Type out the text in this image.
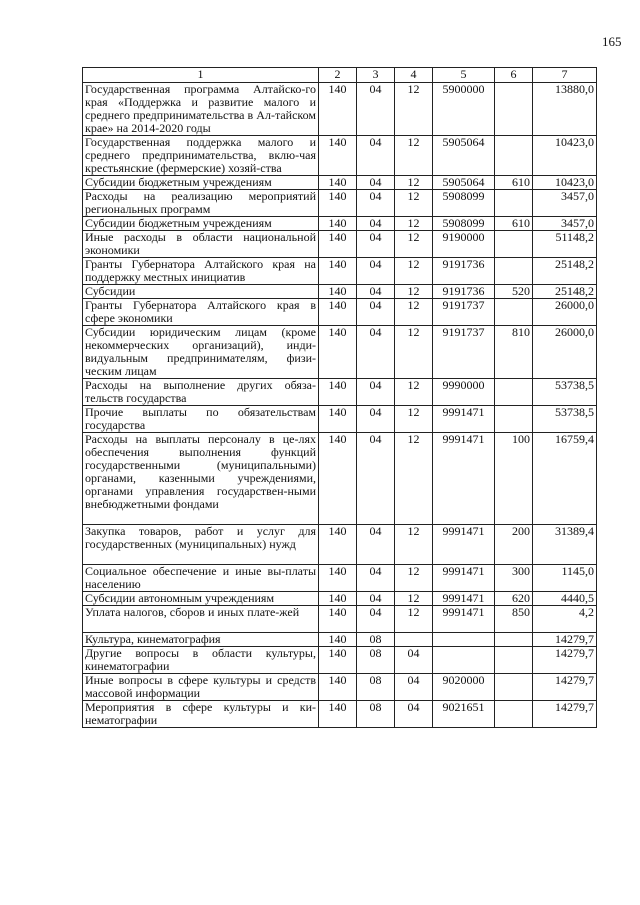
165
1	2	3	4	5	6	7
Государственная программа Алтайско-го края «Поддержка и развитие малого и среднего предпринимательства в Ал-тайском крае» на 2014-2020 годы	140	04	12	5900000		13880,0
Государственная поддержка малого и среднего предпринимательства, вклю-чая крестьянские (фермерские) хозяй-ства	140	04	12	5905064		10423,0
Субсидии бюджетным учреждениям	140	04	12	5905064	610	10423,0
Расходы на реализацию мероприятий региональных программ	140	04	12	5908099		3457,0
Субсидии бюджетным учреждениям	140	04	12	5908099	610	3457,0
Иные расходы в области национальной экономики	140	04	12	9190000		51148,2
Гранты Губернатора Алтайского края на поддержку местных инициатив	140	04	12	9191736		25148,2
Субсидии	140	04	12	9191736	520	25148,2
Гранты Губернатора Алтайского края в сфере экономики	140	04	12	9191737		26000,0
Субсидии юридическим лицам (кроме некоммерческих организаций), инди-видуальным предпринимателям, физи-ческим лицам	140	04	12	9191737	810	26000,0
Расходы на выполнение других обяза-тельств государства	140	04	12	9990000		53738,5
Прочие выплаты по обязательствам государства	140	04	12	9991471		53738,5
Расходы на выплаты персоналу в це-лях обеспечения выполнения функций государственными (муниципальными) органами, казенными учреждениями, органами управления государствен-ными внебюджетными фондами	140	04	12	9991471	100	16759,4
Закупка товаров, работ и услуг для государственных (муниципальных) нужд	140	04	12	9991471	200	31389,4
Социальное обеспечение и иные вы-платы населению	140	04	12	9991471	300	1145,0
Субсидии автономным учреждениям	140	04	12	9991471	620	4440,5
Уплата налогов, сборов и иных плате-жей	140	04	12	9991471	850	4,2
Культура, кинематография	140	08				14279,7
Другие вопросы в области культуры, кинематографии	140	08	04			14279,7
Иные вопросы в сфере культуры и средств массовой информации	140	08	04	9020000		14279,7
Мероприятия в сфере культуры и ки-нематографии	140	08	04	9021651		14279,7
